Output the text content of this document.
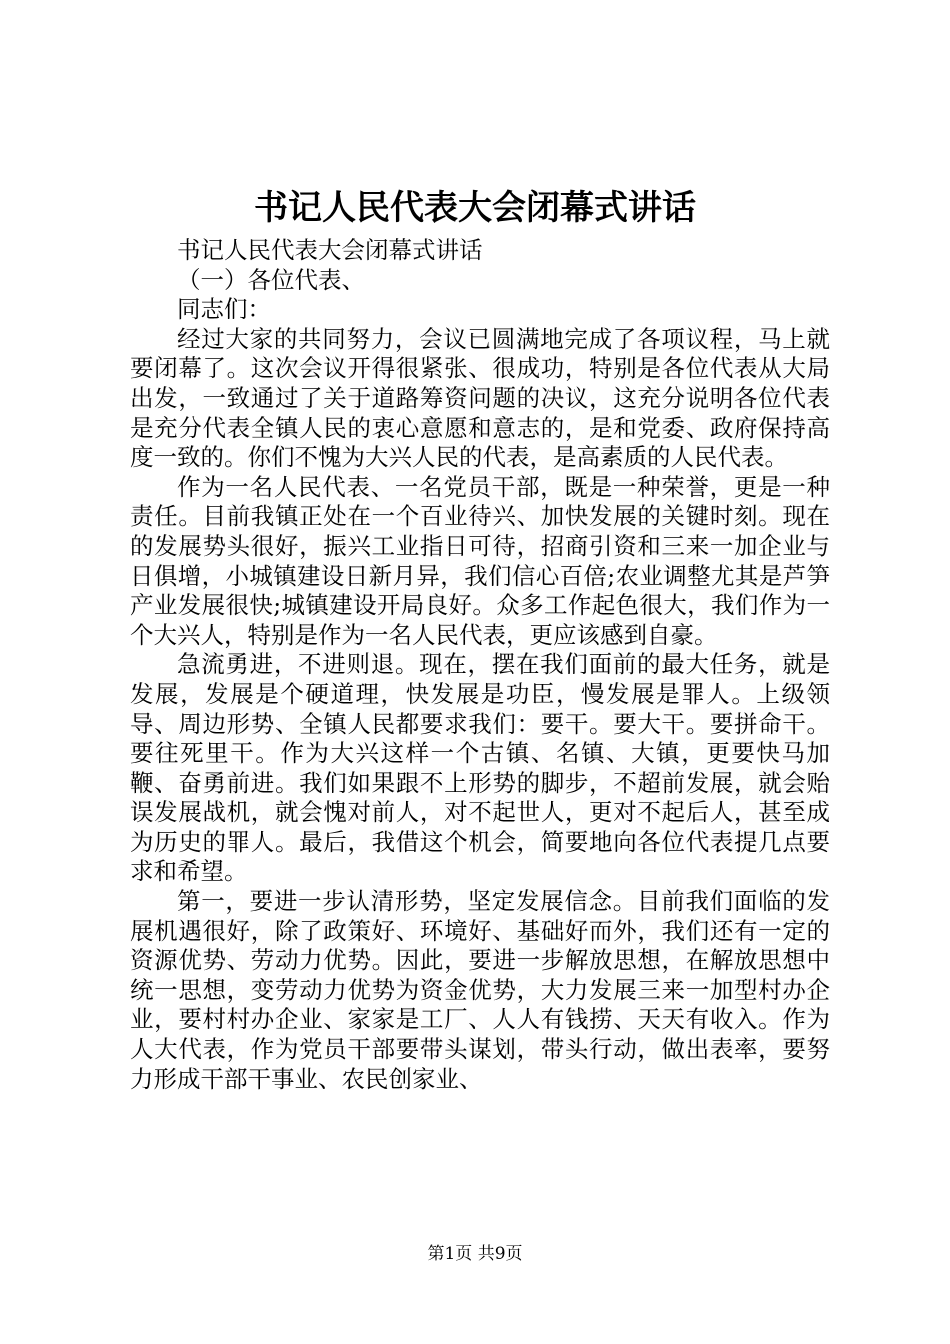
书记人民代表大会闭幕式讲话

书记人民代表大会闭幕式讲话

（一）各位代表、

同志们：

经过大家的共同努力，会议已圆满地完成了各项议程，马上就要闭幕了。这次会议开得很紧张、很成功，特别是各位代表从大局出发，一致通过了关于道路筹资问题的决议，这充分说明各位代表是充分代表全镇人民的衷心意愿和意志的，是和党委、政府保持高度一致的。你们不愧为大兴人民的代表，是高素质的人民代表。

作为一名人民代表、一名党员干部，既是一种荣誉，更是一种责任。目前我镇正处在一个百业待兴、加快发展的关键时刻。现在的发展势头很好，振兴工业指日可待，招商引资和三来一加企业与日俱增，小城镇建设日新月异，我们信心百倍;农业调整尤其是芦笋产业发展很快;城镇建设开局良好。众多工作起色很大，我们作为一个大兴人，特别是作为一名人民代表，更应该感到自豪。

急流勇进，不进则退。现在，摆在我们面前的最大任务，就是发展，发展是个硬道理，快发展是功臣，慢发展是罪人。上级领导、周边形势、全镇人民都要求我们：要干。要大干。要拼命干。要往死里干。作为大兴这样一个古镇、名镇、大镇，更要快马加鞭、奋勇前进。我们如果跟不上形势的脚步，不超前发展，就会贻误发展战机，就会愧对前人，对不起世人，更对不起后人，甚至成为历史的罪人。最后，我借这个机会，简要地向各位代表提几点要求和希望。

第一，要进一步认清形势，坚定发展信念。目前我们面临的发展机遇很好，除了政策好、环境好、基础好而外，我们还有一定的资源优势、劳动力优势。因此，要进一步解放思想，在解放思想中统一思想，变劳动力优势为资金优势，大力发展三来一加型村办企业，要村村办企业、家家是工厂、人人有钱捞、天天有收入。作为人大代表，作为党员干部要带头谋划，带头行动，做出表率，要努力形成干部干事业、农民创家业、

第1页 共9页
